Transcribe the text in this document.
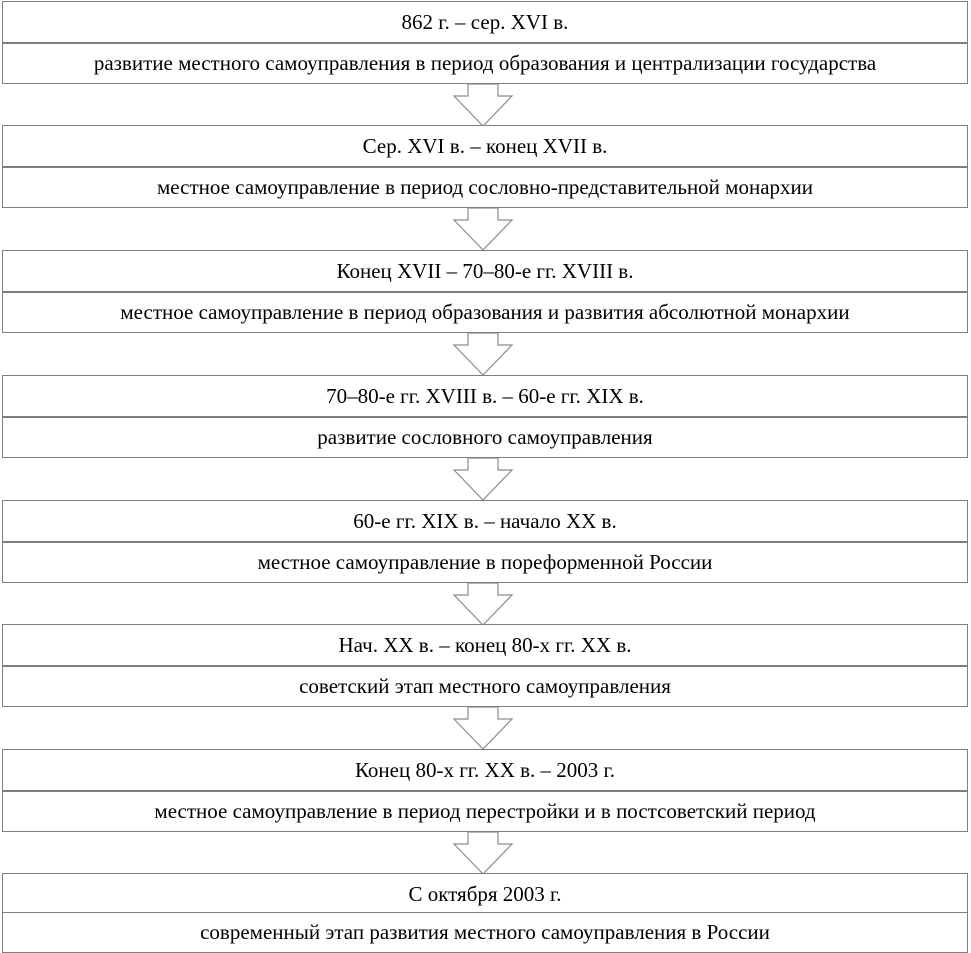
862 г. – сер. XVI в.
развитие местного самоуправления в период образования и централизации государства
Сер. XVI в. – конец XVII в.
местное самоуправление в период сословно-представительной монархии
Конец XVII – 70–80-е гг. XVIII в.
местное самоуправление в период образования и развития абсолютной монархии
70–80-е гг. XVIII в. – 60-е гг. XIX в.
развитие сословного самоуправления
60-е гг. XIX в. – начало XX в.
местное самоуправление в пореформенной России
Нач. XX в. – конец 80-х гг. XX в.
советский этап местного самоуправления
Конец 80-х гг. XX в. – 2003 г.
местное самоуправление в период перестройки и в постсоветский период
С октября 2003 г.
современный этап развития местного самоуправления в России
